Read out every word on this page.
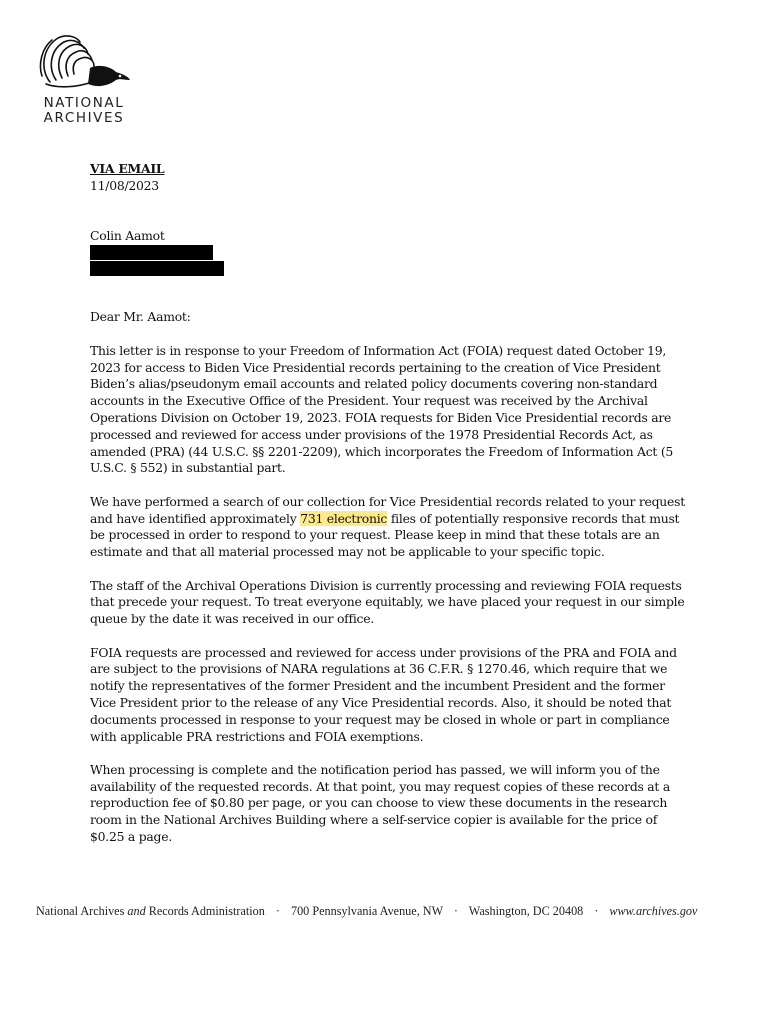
NATIONAL
ARCHIVES
VIA EMAIL
11/08/2023
Colin Aamot

Dear Mr. Aamot:

This letter is in response to your Freedom of Information Act (FOIA) request dated October 19, 2023 for access to Biden Vice Presidential records pertaining to the creation of Vice President Biden’s alias/pseudonym email accounts and related policy documents covering non-standard accounts in the Executive Office of the President. Your request was received by the Archival Operations Division on October 19, 2023. FOIA requests for Biden Vice Presidential records are processed and reviewed for access under provisions of the 1978 Presidential Records Act, as amended (PRA) (44 U.S.C. §§ 2201-2209), which incorporates the Freedom of Information Act (5 U.S.C. § 552) in substantial part.

We have performed a search of our collection for Vice Presidential records related to your request and have identified approximately 731 electronic files of potentially responsive records that must be processed in order to respond to your request. Please keep in mind that these totals are an estimate and that all material processed may not be applicable to your specific topic.

The staff of the Archival Operations Division is currently processing and reviewing FOIA requests that precede your request. To treat everyone equitably, we have placed your request in our simple queue by the date it was received in our office.

FOIA requests are processed and reviewed for access under provisions of the PRA and FOIA and are subject to the provisions of NARA regulations at 36 C.F.R. § 1270.46, which require that we notify the representatives of the former President and the incumbent President and the former Vice President prior to the release of any Vice Presidential records. Also, it should be noted that documents processed in response to your request may be closed in whole or part in compliance with applicable PRA restrictions and FOIA exemptions.

When processing is complete and the notification period has passed, we will inform you of the availability of the requested records. At that point, you may request copies of these records at a reproduction fee of $0.80 per page, or you can choose to view these documents in the research room in the National Archives Building where a self-service copier is available for the price of $0.25 a page.

National Archives and Records Administration · 700 Pennsylvania Avenue, NW · Washington, DC 20408 · www.archives.gov
